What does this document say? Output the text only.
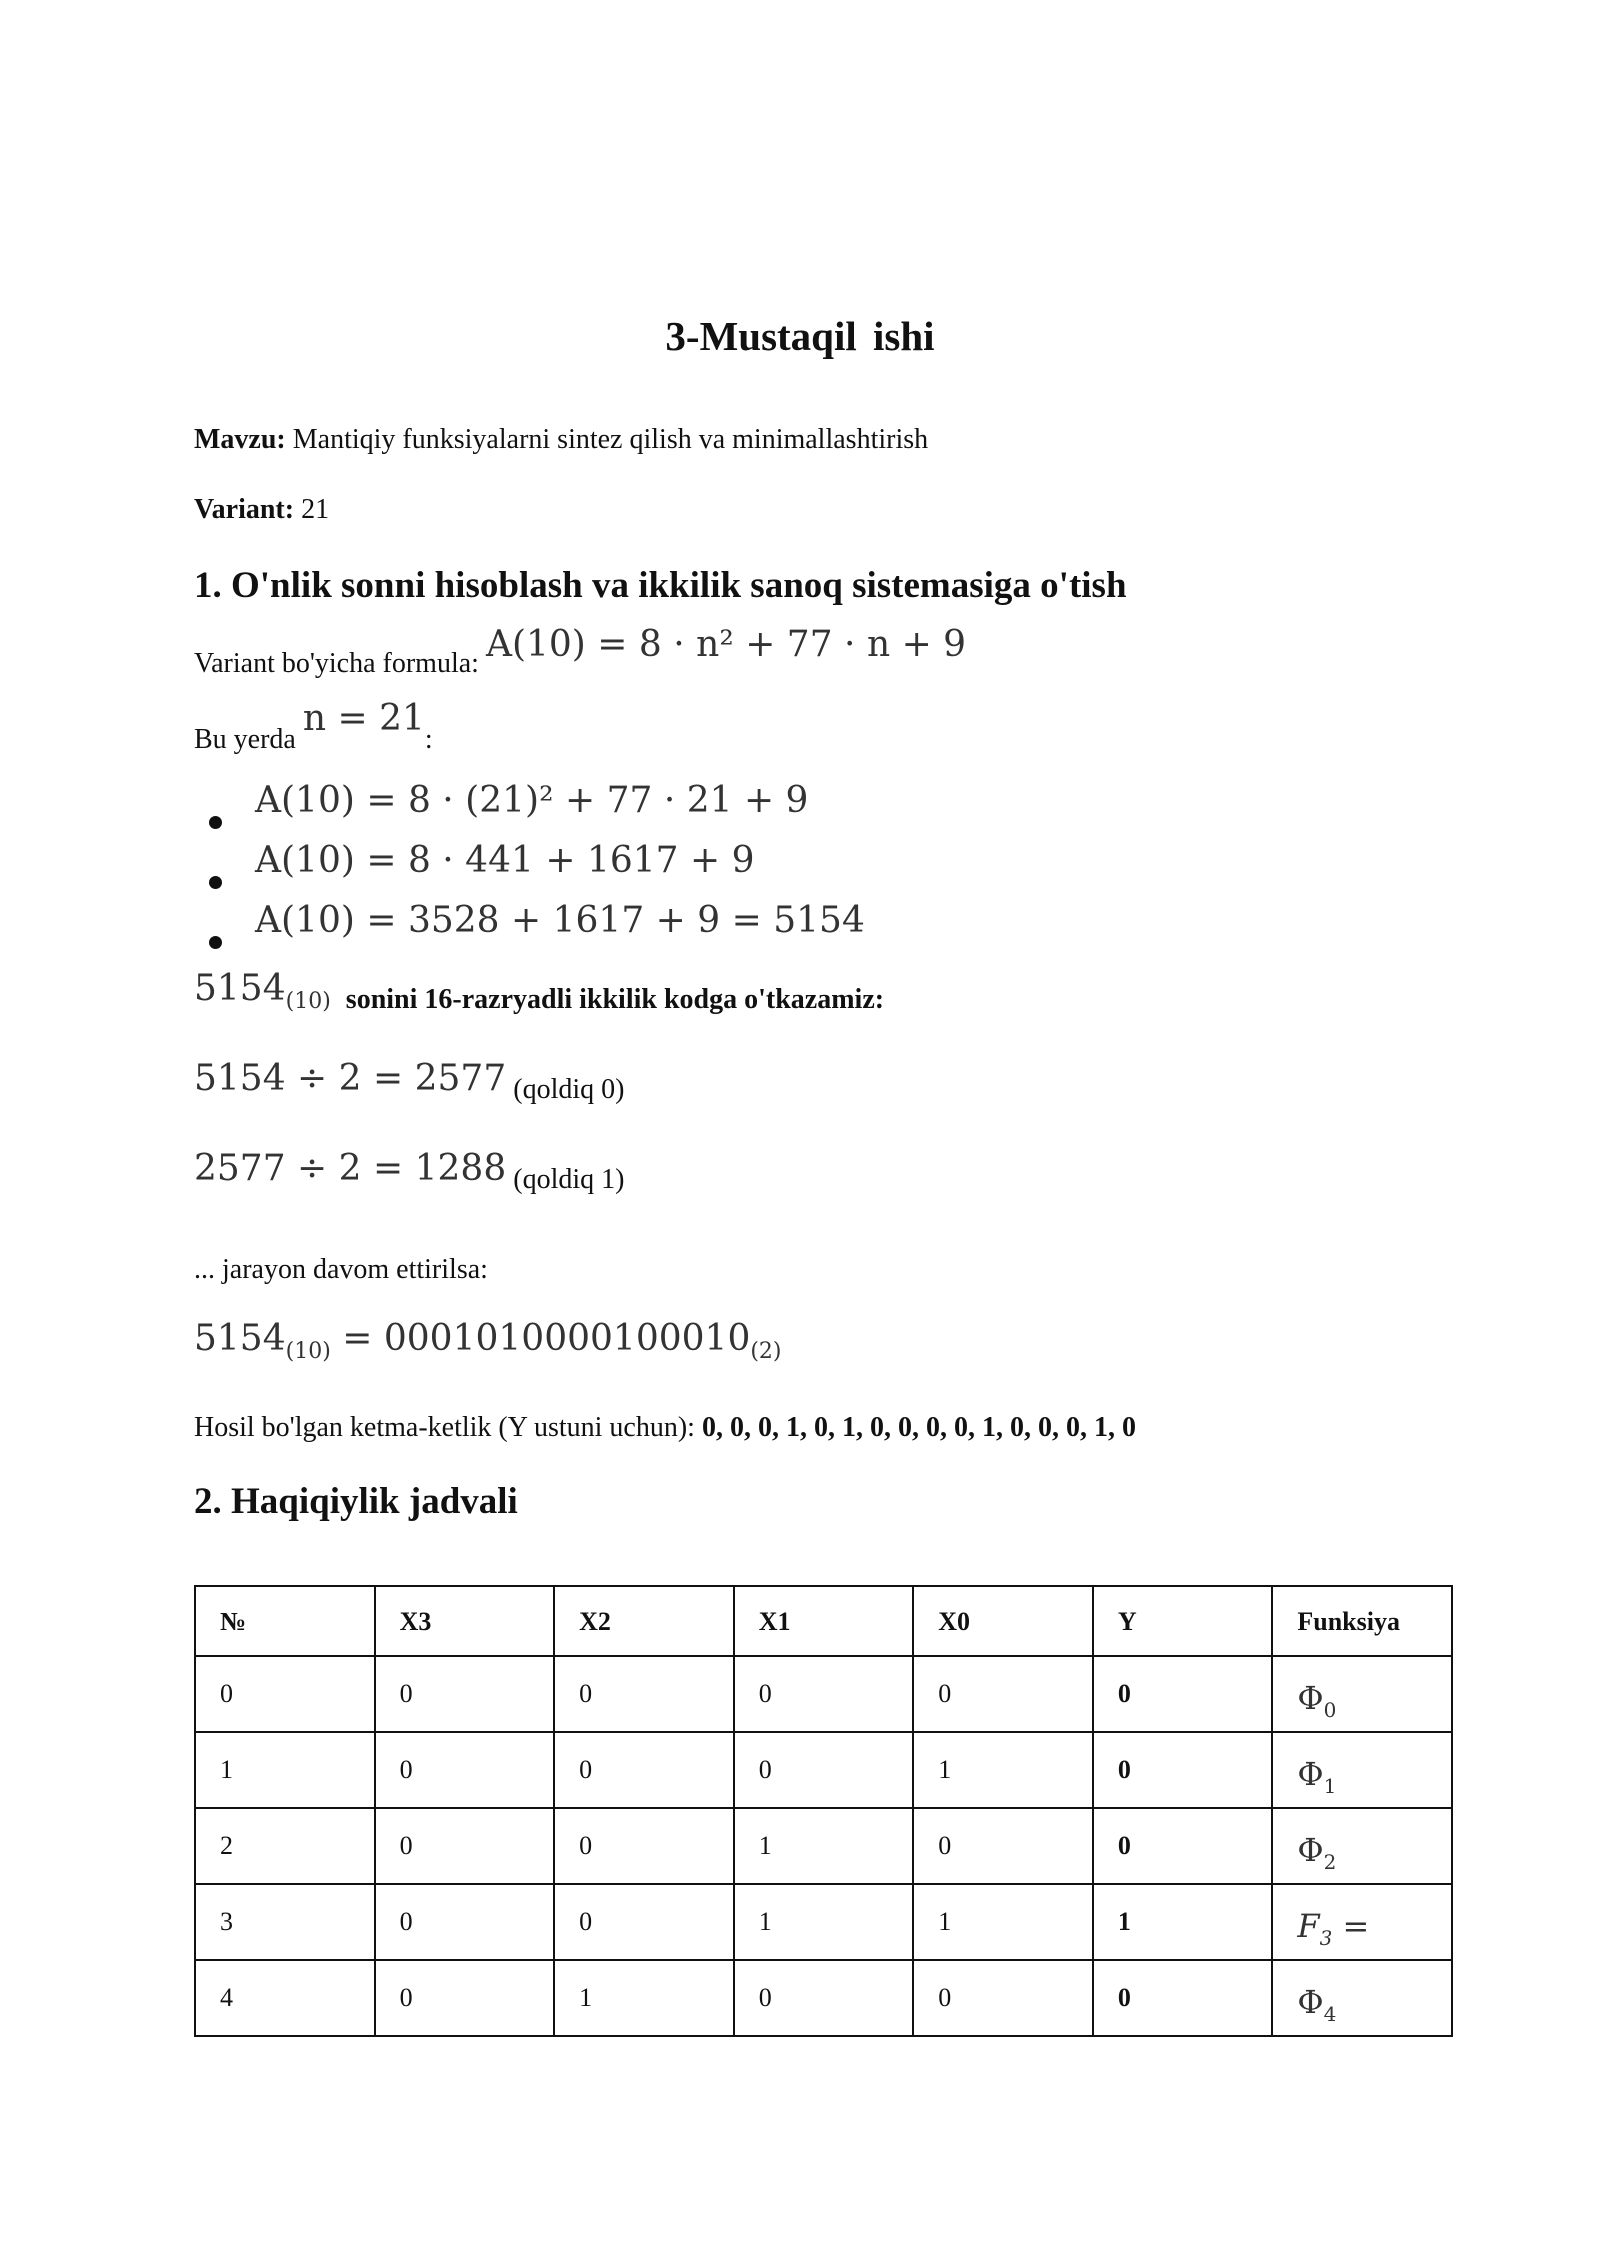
3-Mustaqil ishi
Mavzu: Mantiqiy funksiyalarni sintez qilish va minimallashtirish
Variant: 21
1. O'nlik sonni hisoblash va ikkilik sanoq sistemasiga o'tish
Variant bo'yicha formula: A(10) = 8 · n² + 77 · n + 9
Bu yerda n = 21:
A(10) = 8 · (21)² + 77 · 21 + 9
A(10) = 8 · 441 + 1617 + 9
A(10) = 3528 + 1617 + 9 = 5154
$5154_{(10)}$ sonini 16-razryadli ikkilik kodga o'tkazamiz:
5154 ÷ 2 = 2577 (qoldiq 0)
2577 ÷ 2 = 1288 (qoldiq 1)
... jarayon davom ettirilsa:
$5154_{(10)} = 0001010000100010_{(2)}$
Hosil bo'lgan ketma-ketlik (Y ustuni uchun): 0, 0, 0, 1, 0, 1, 0, 0, 0, 0, 1, 0, 0, 0, 1, 0
2. Haqiqiylik jadvali
№	X3	X2	X1	X0	Y	Funksiya
0	0	0	0	0	0	$\Phi_0$
1	0	0	0	1	0	$\Phi_1$
2	0	0	1	0	0	$\Phi_2$
3	0	0	1	1	1	$F_3$ =
4	0	1	0	0	0	$\Phi_4$
